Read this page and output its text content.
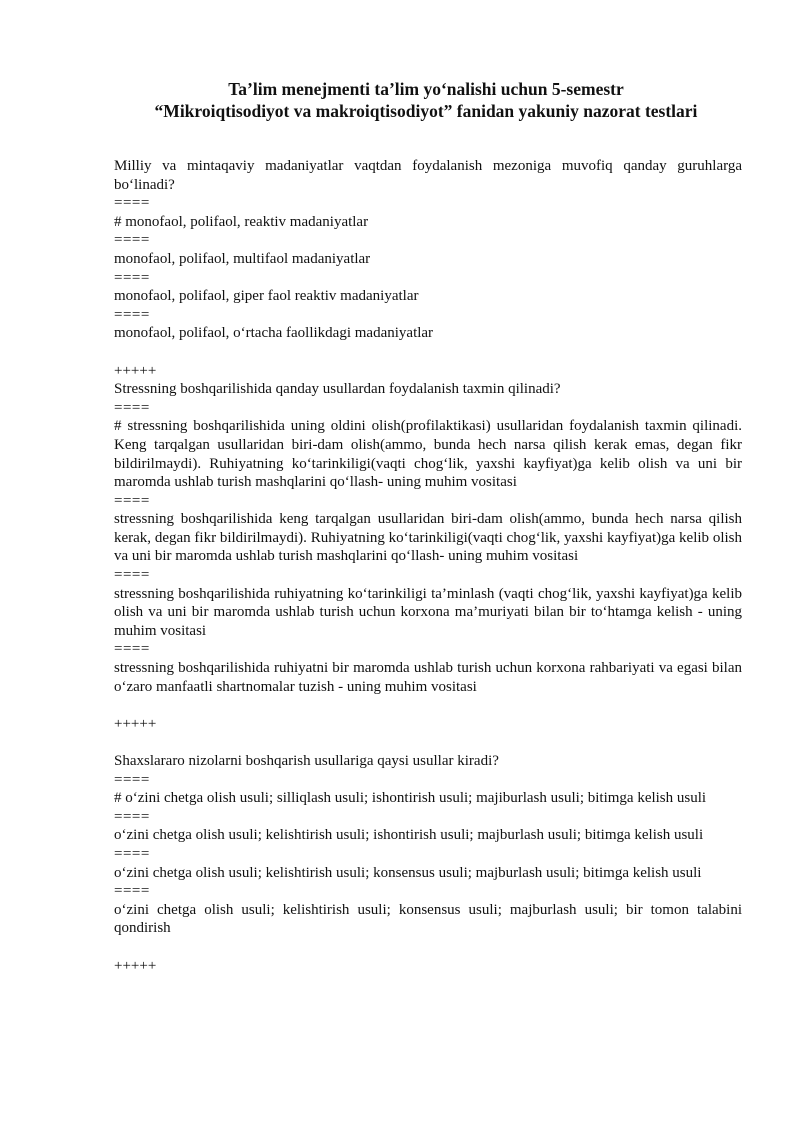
Ta’lim menejmenti ta’lim yo‘nalishi uchun 5-semestr
“Mikroiqtisodiyot va makroiqtisodiyot” fanidan yakuniy nazorat testlari

Milliy va mintaqaviy madaniyatlar vaqtdan foydalanish mezoniga muvofiq qanday guruhlarga bo‘linadi?

====

# monofaol, polifaol, reaktiv madaniyatlar

====

monofaol, polifaol, multifaol madaniyatlar

====

monofaol, polifaol, giper faol reaktiv madaniyatlar

====

monofaol, polifaol, o‘rtacha faollikdagi madaniyatlar

+++++

Stressning boshqarilishida qanday usullardan foydalanish taxmin qilinadi?

====

# stressning boshqarilishida uning oldini olish(profilaktikasi) usullaridan foydalanish taxmin qilinadi. Keng tarqalgan usullaridan biri-dam olish(ammo, bunda hech narsa qilish kerak emas, degan fikr bildirilmaydi). Ruhiyatning ko‘tarinkiligi(vaqti chog‘lik, yaxshi kayfiyat)ga kelib olish va uni bir maromda ushlab turish mashqlarini qo‘llash- uning muhim vositasi

====

stressning boshqarilishida keng tarqalgan usullaridan biri-dam olish(ammo, bunda hech narsa qilish kerak, degan fikr bildirilmaydi). Ruhiyatning ko‘tarinkiligi(vaqti chog‘lik, yaxshi kayfiyat)ga kelib olish va uni bir maromda ushlab turish mashqlarini qo‘llash- uning muhim vositasi

====

stressning boshqarilishida ruhiyatning ko‘tarinkiligi ta’minlash (vaqti chog‘lik, yaxshi kayfiyat)ga kelib olish va uni bir maromda ushlab turish uchun korxona ma’muriyati bilan bir to‘htamga kelish - uning muhim vositasi

====

stressning boshqarilishida ruhiyatni bir maromda ushlab turish uchun korxona rahbariyati va egasi bilan o‘zaro manfaatli shartnomalar tuzish - uning muhim vositasi

+++++

Shaxslararo nizolarni boshqarish usullariga qaysi usullar kiradi?

====

# o‘zini chetga olish usuli; silliqlash usuli; ishontirish usuli; majiburlash usuli; bitimga kelish usuli

====

o‘zini chetga olish usuli; kelishtirish usuli; ishontirish usuli; majburlash usuli; bitimga kelish usuli

====

o‘zini chetga olish usuli; kelishtirish usuli; konsensus usuli; majburlash usuli; bitimga kelish usuli

====

o‘zini chetga olish usuli; kelishtirish usuli; konsensus usuli; majburlash usuli; bir tomon talabini qondirish

+++++
